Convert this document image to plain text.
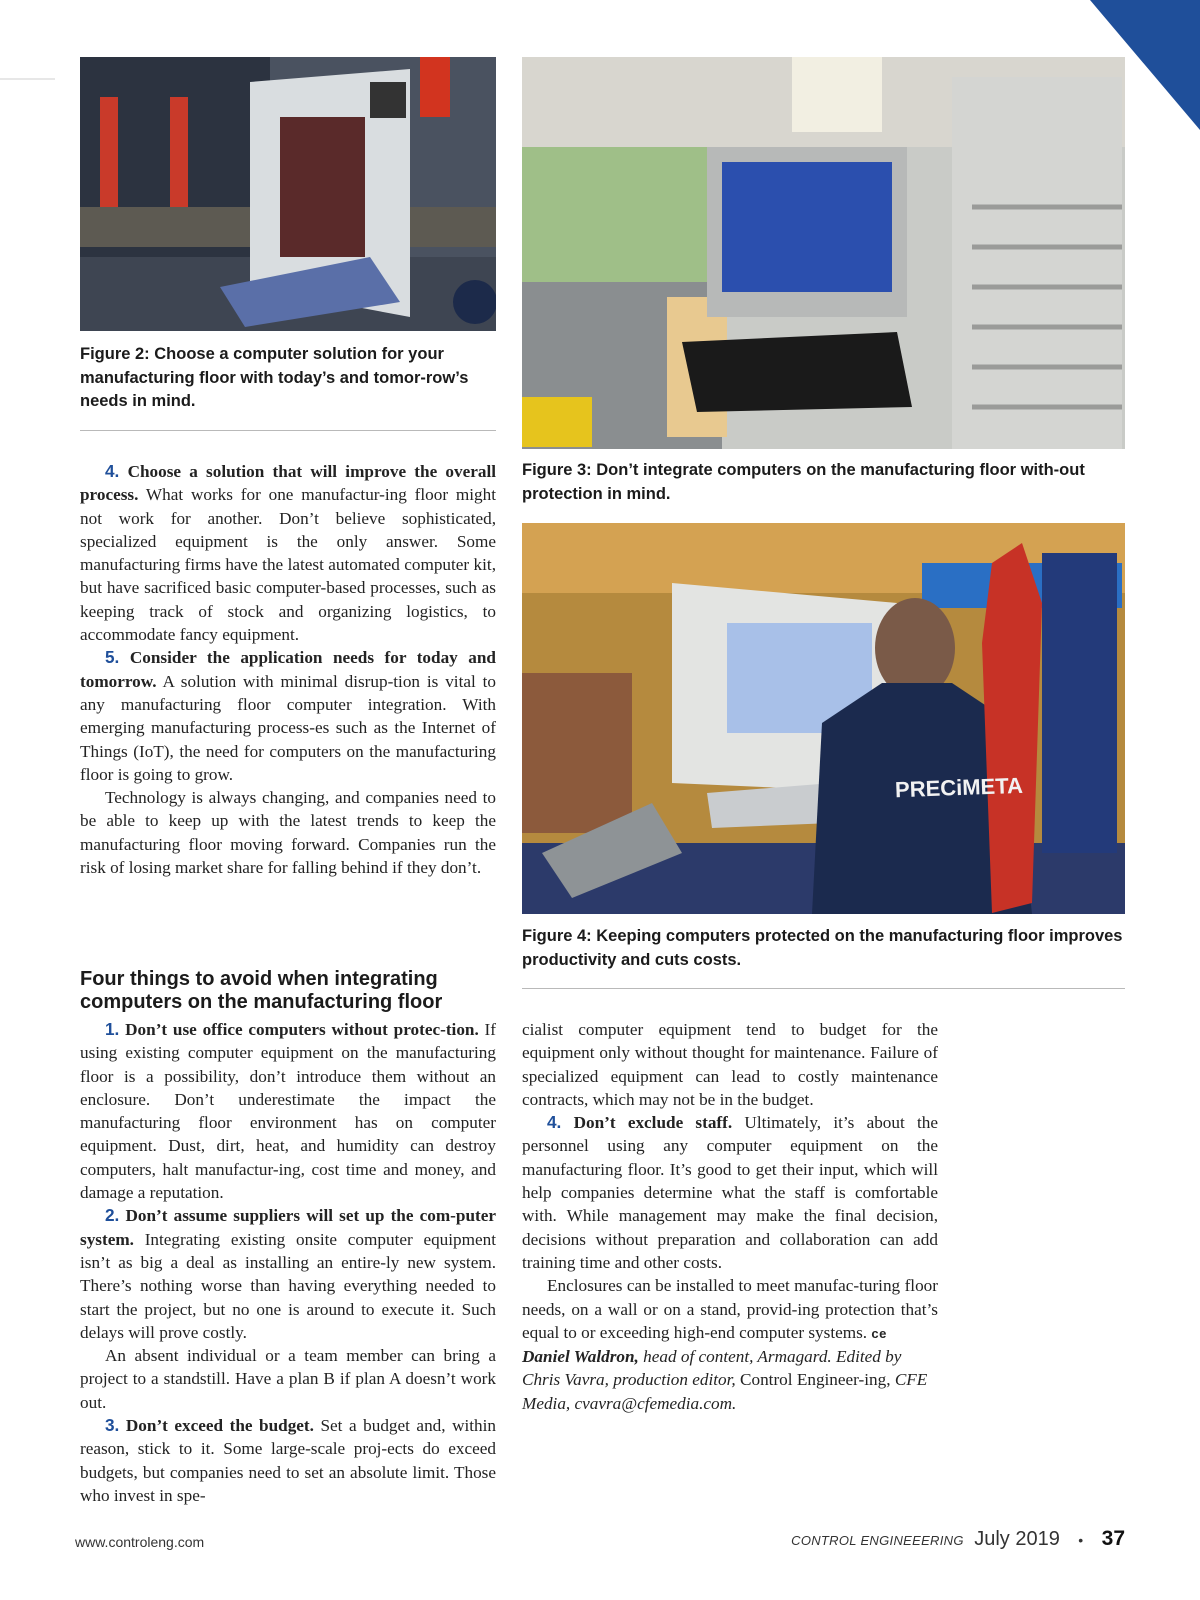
Figure 2: Choose a computer solution for your manufacturing floor with today’s and tomor-row’s needs in mind.
Figure 3: Don’t integrate computers on the manufacturing floor with-out protection in mind.
PRECiMETA
Figure 4: Keeping computers protected on the manufacturing floor improves productivity and cuts costs.

4. Choose a solution that will improve the overall process. What works for one manufactur-ing floor might not work for another. Don’t believe sophisticated, specialized equipment is the only answer. Some manufacturing firms have the latest automated computer kit, but have sacrificed basic computer-based processes, such as keeping track of stock and organizing logistics, to accommodate fancy equipment.

5. Consider the application needs for today and tomorrow. A solution with minimal disrup-tion is vital to any manufacturing floor computer integration. With emerging manufacturing process-es such as the Internet of Things (IoT), the need for computers on the manufacturing floor is going to grow.

Technology is always changing, and companies need to be able to keep up with the latest trends to keep the manufacturing floor moving forward. Companies run the risk of losing market share for falling behind if they don’t.

Four things to avoid when integrating computers on the manufacturing floor

1. Don’t use office computers without protec-tion. If using existing computer equipment on the manufacturing floor is a possibility, don’t introduce them without an enclosure. Don’t underestimate the impact the manufacturing floor environment has on computer equipment. Dust, dirt, heat, and humidity can destroy computers, halt manufactur-ing, cost time and money, and damage a reputation.

2. Don’t assume suppliers will set up the com-puter system. Integrating existing onsite computer equipment isn’t as big a deal as installing an entire-ly new system. There’s nothing worse than having everything needed to start the project, but no one is around to execute it. Such delays will prove costly.

An absent individual or a team member can bring a project to a standstill. Have a plan B if plan A doesn’t work out.

3. Don’t exceed the budget. Set a budget and, within reason, stick to it. Some large-scale proj-ects do exceed budgets, but companies need to set an absolute limit. Those who invest in spe-

cialist computer equipment tend to budget for the equipment only without thought for maintenance. Failure of specialized equipment can lead to costly maintenance contracts, which may not be in the budget.

4. Don’t exclude staff. Ultimately, it’s about the personnel using any computer equipment on the manufacturing floor. It’s good to get their input, which will help companies determine what the staff is comfortable with. While management may make the final decision, decisions without preparation and collaboration can add training time and other costs.

Enclosures can be installed to meet manufac-turing floor needs, on a wall or on a stand, provid-ing protection that’s equal to or exceeding high-end computer systems. ce

Daniel Waldron, head of content, Armagard. Edited by Chris Vavra, production editor, Control Engineer-ing, CFE Media, cvavra@cfemedia.com.

www.controleng.com	CONTROL ENGINEEERING July 2019 • 37
